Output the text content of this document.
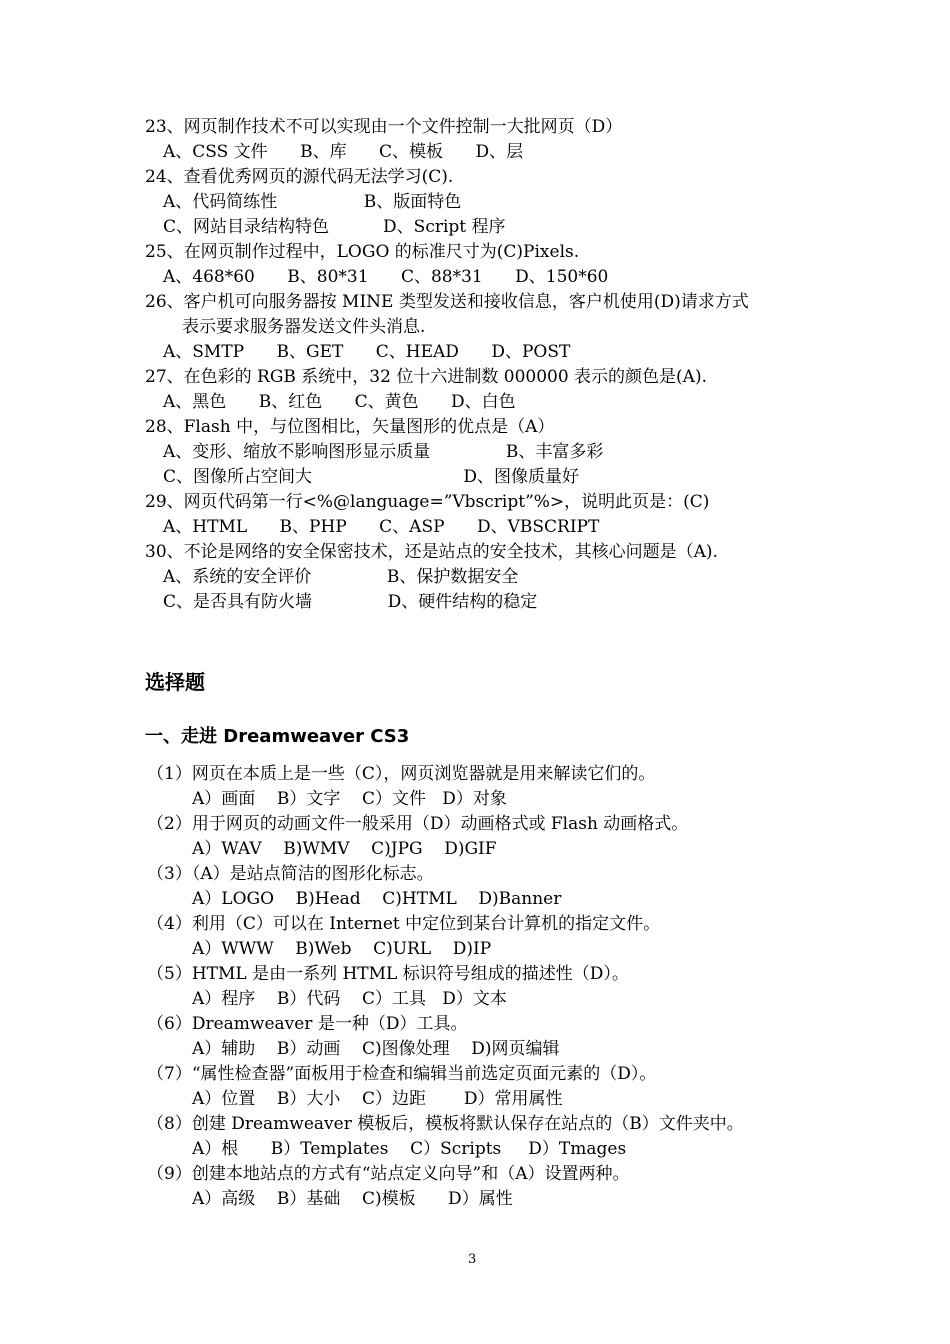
23、网页制作技术不可以实现由一个文件控制一大批网页（D）
A、CSS 文件      B、库      C、模板      D、层
24、查看优秀网页的源代码无法学习(C).
A、代码简练性                B、版面特色
C、网站目录结构特色          D、Script 程序
25、在网页制作过程中，LOGO 的标准尺寸为(C)Pixels.
A、468*60      B、80*31      C、88*31      D、150*60
26、客户机可向服务器按 MINE 类型发送和接收信息，客户机使用(D)请求方式
表示要求服务器发送文件头消息.
A、SMTP      B、GET      C、HEAD      D、POST
27、在色彩的 RGB 系统中，32 位十六进制数 000000 表示的颜色是(A).
A、黑色      B、红色      C、黄色      D、白色
28、Flash 中，与位图相比，矢量图形的优点是（A）
A、变形、缩放不影响图形显示质量              B、丰富多彩
C、图像所占空间大                            D、图像质量好
29、网页代码第一行<%@language=”Vbscript”%>，说明此页是：(C)
A、HTML      B、PHP      C、ASP      D、VBSCRIPT
30、不论是网络的安全保密技术，还是站点的安全技术，其核心问题是（A).
A、系统的安全评价              B、保护数据安全
C、是否具有防火墙              D、硬件结构的稳定
选择题
一、走进 Dreamweaver CS3
（1）网页在本质上是一些（C），网页浏览器就是用来解读它们的。
A）画面    B）文字    C）文件   D）对象
（2）用于网页的动画文件一般采用（D）动画格式或 Flash 动画格式。
A）WAV    B)WMV    C)JPG    D)GIF
（3）（A）是站点简洁的图形化标志。
A）LOGO    B)Head    C)HTML    D)Banner
（4）利用（C）可以在 Internet 中定位到某台计算机的指定文件。
A）WWW    B)Web    C)URL    D)IP
（5）HTML 是由一系列 HTML 标识符号组成的描述性（D）。
A）程序    B）代码    C）工具   D）文本
（6）Dreamweaver 是一种（D）工具。
A）辅助    B）动画    C)图像处理    D)网页编辑
（7）“属性检查器”面板用于检查和编辑当前选定页面元素的（D）。
A）位置    B）大小    C）边距       D）常用属性
（8）创建 Dreamweaver 模板后，模板将默认保存在站点的（B）文件夹中。
A）根      B）Templates    C）Scripts     D）Tmages
（9）创建本地站点的方式有“站点定义向导”和（A）设置两种。
A）高级    B）基础    C)模板      D）属性
3
